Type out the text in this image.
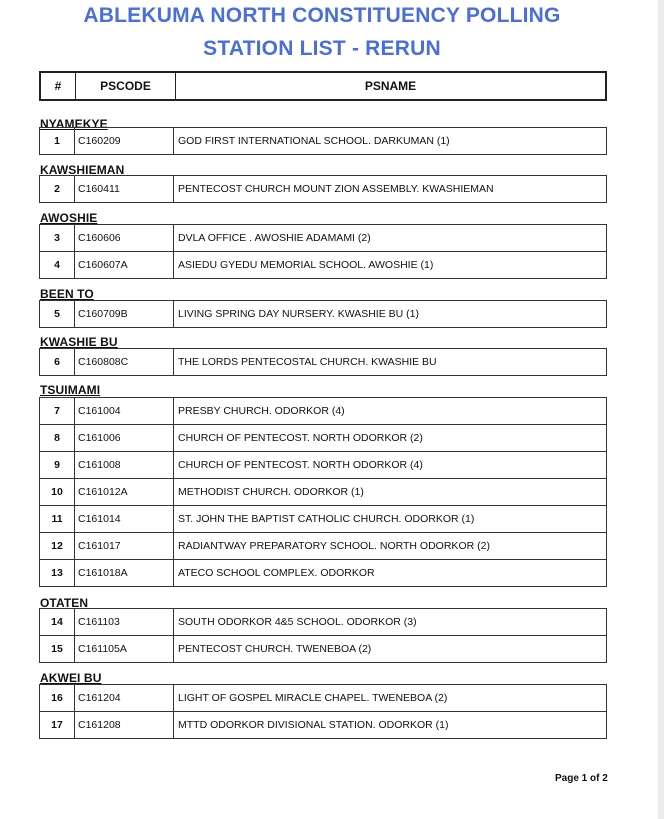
ABLEKUMA NORTH CONSTITUENCY POLLING
STATION LIST - RERUN
#	PSCODE	PSNAME
NYAMEKYE
1	C160209	GOD FIRST INTERNATIONAL SCHOOL. DARKUMAN (1)
KAWSHIEMAN
2	C160411	PENTECOST CHURCH MOUNT ZION ASSEMBLY. KWASHIEMAN
AWOSHIE
3	C160606	DVLA OFFICE . AWOSHIE ADAMAMI (2)
4	C160607A	ASIEDU GYEDU MEMORIAL SCHOOL. AWOSHIE (1)
BEEN TO
5	C160709B	LIVING SPRING DAY NURSERY. KWASHIE BU (1)
KWASHIE BU
6	C160808C	THE LORDS PENTECOSTAL CHURCH. KWASHIE BU
TSUIMAMI
7	C161004	PRESBY CHURCH. ODORKOR (4)
8	C161006	CHURCH OF PENTECOST. NORTH ODORKOR (2)
9	C161008	CHURCH OF PENTECOST. NORTH ODORKOR (4)
10	C161012A	METHODIST CHURCH. ODORKOR (1)
11	C161014	ST. JOHN THE BAPTIST CATHOLIC CHURCH. ODORKOR (1)
12	C161017	RADIANTWAY PREPARATORY SCHOOL. NORTH ODORKOR (2)
13	C161018A	ATECO SCHOOL COMPLEX. ODORKOR
OTATEN
14	C161103	SOUTH ODORKOR 4&5 SCHOOL. ODORKOR (3)
15	C161105A	PENTECOST CHURCH. TWENEBOA (2)
AKWEI BU
16	C161204	LIGHT OF GOSPEL MIRACLE CHAPEL. TWENEBOA (2)
17	C161208	MTTD ODORKOR DIVISIONAL STATION. ODORKOR (1)
Page 1 of 2
